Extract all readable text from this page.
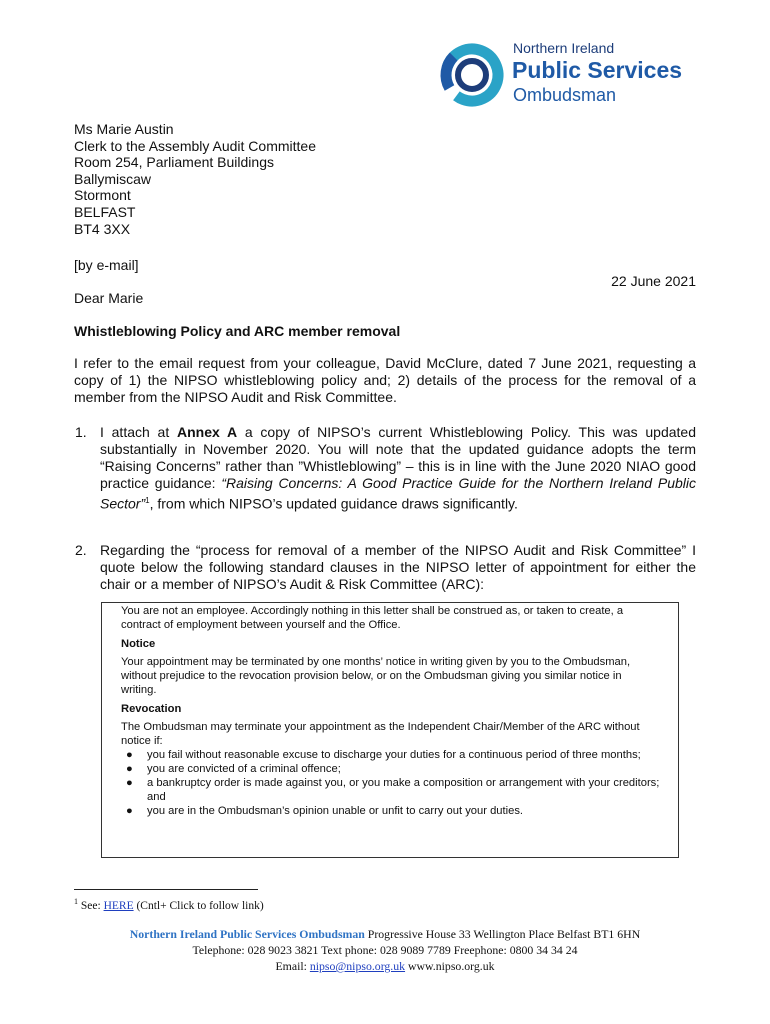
Northern Ireland
Public Services
Ombudsman
Ms Marie Austin
Clerk to the Assembly Audit Committee
Room 254, Parliament Buildings
Ballymiscaw
Stormont
BELFAST
BT4 3XX
[by e-mail]
22 June 2021
Dear Marie
Whistleblowing Policy and ARC member removal
I refer to the email request from your colleague, David McClure, dated 7 June 2021, requesting a copy of 1) the NIPSO whistleblowing policy and; 2) details of the process for the removal of a member from the NIPSO Audit and Risk Committee.
1. I attach at Annex A a copy of NIPSO’s current Whistleblowing Policy. This was updated substantially in November 2020. You will note that the updated guidance adopts the term “Raising Concerns” rather than ”Whistleblowing” – this is in line with the June 2020 NIAO good practice guidance: “Raising Concerns: A Good Practice Guide for the Northern Ireland Public Sector”$^1$, from which NIPSO’s updated guidance draws significantly.
2. Regarding the “process for removal of a member of the NIPSO Audit and Risk Committee” I quote below the following standard clauses in the NIPSO letter of appointment for either the chair or a member of NIPSO’s Audit & Risk Committee (ARC):

You are not an employee. Accordingly nothing in this letter shall be construed as, or taken to create, a contract of employment between yourself and the Office.

Notice

Your appointment may be terminated by one months’ notice in writing given by you to the Ombudsman, without prejudice to the revocation provision below, or on the Ombudsman giving you similar notice in writing.

Revocation

The Ombudsman may terminate your appointment as the Independent Chair/Member of the ARC without notice if:

● you fail without reasonable excuse to discharge your duties for a continuous period of three months;
● you are convicted of a criminal offence;
● a bankruptcy order is made against you, or you make a composition or arrangement with your creditors; and
● you are in the Ombudsman’s opinion unable or unfit to carry out your duties.
$^1$ See: HERE (Cntl+ Click to follow link)
Northern Ireland Public Services Ombudsman Progressive House 33 Wellington Place Belfast BT1 6HN
Telephone: 028 9023 3821 Text phone: 028 9089 7789 Freephone: 0800 34 34 24
Email: nipso@nipso.org.uk www.nipso.org.uk
